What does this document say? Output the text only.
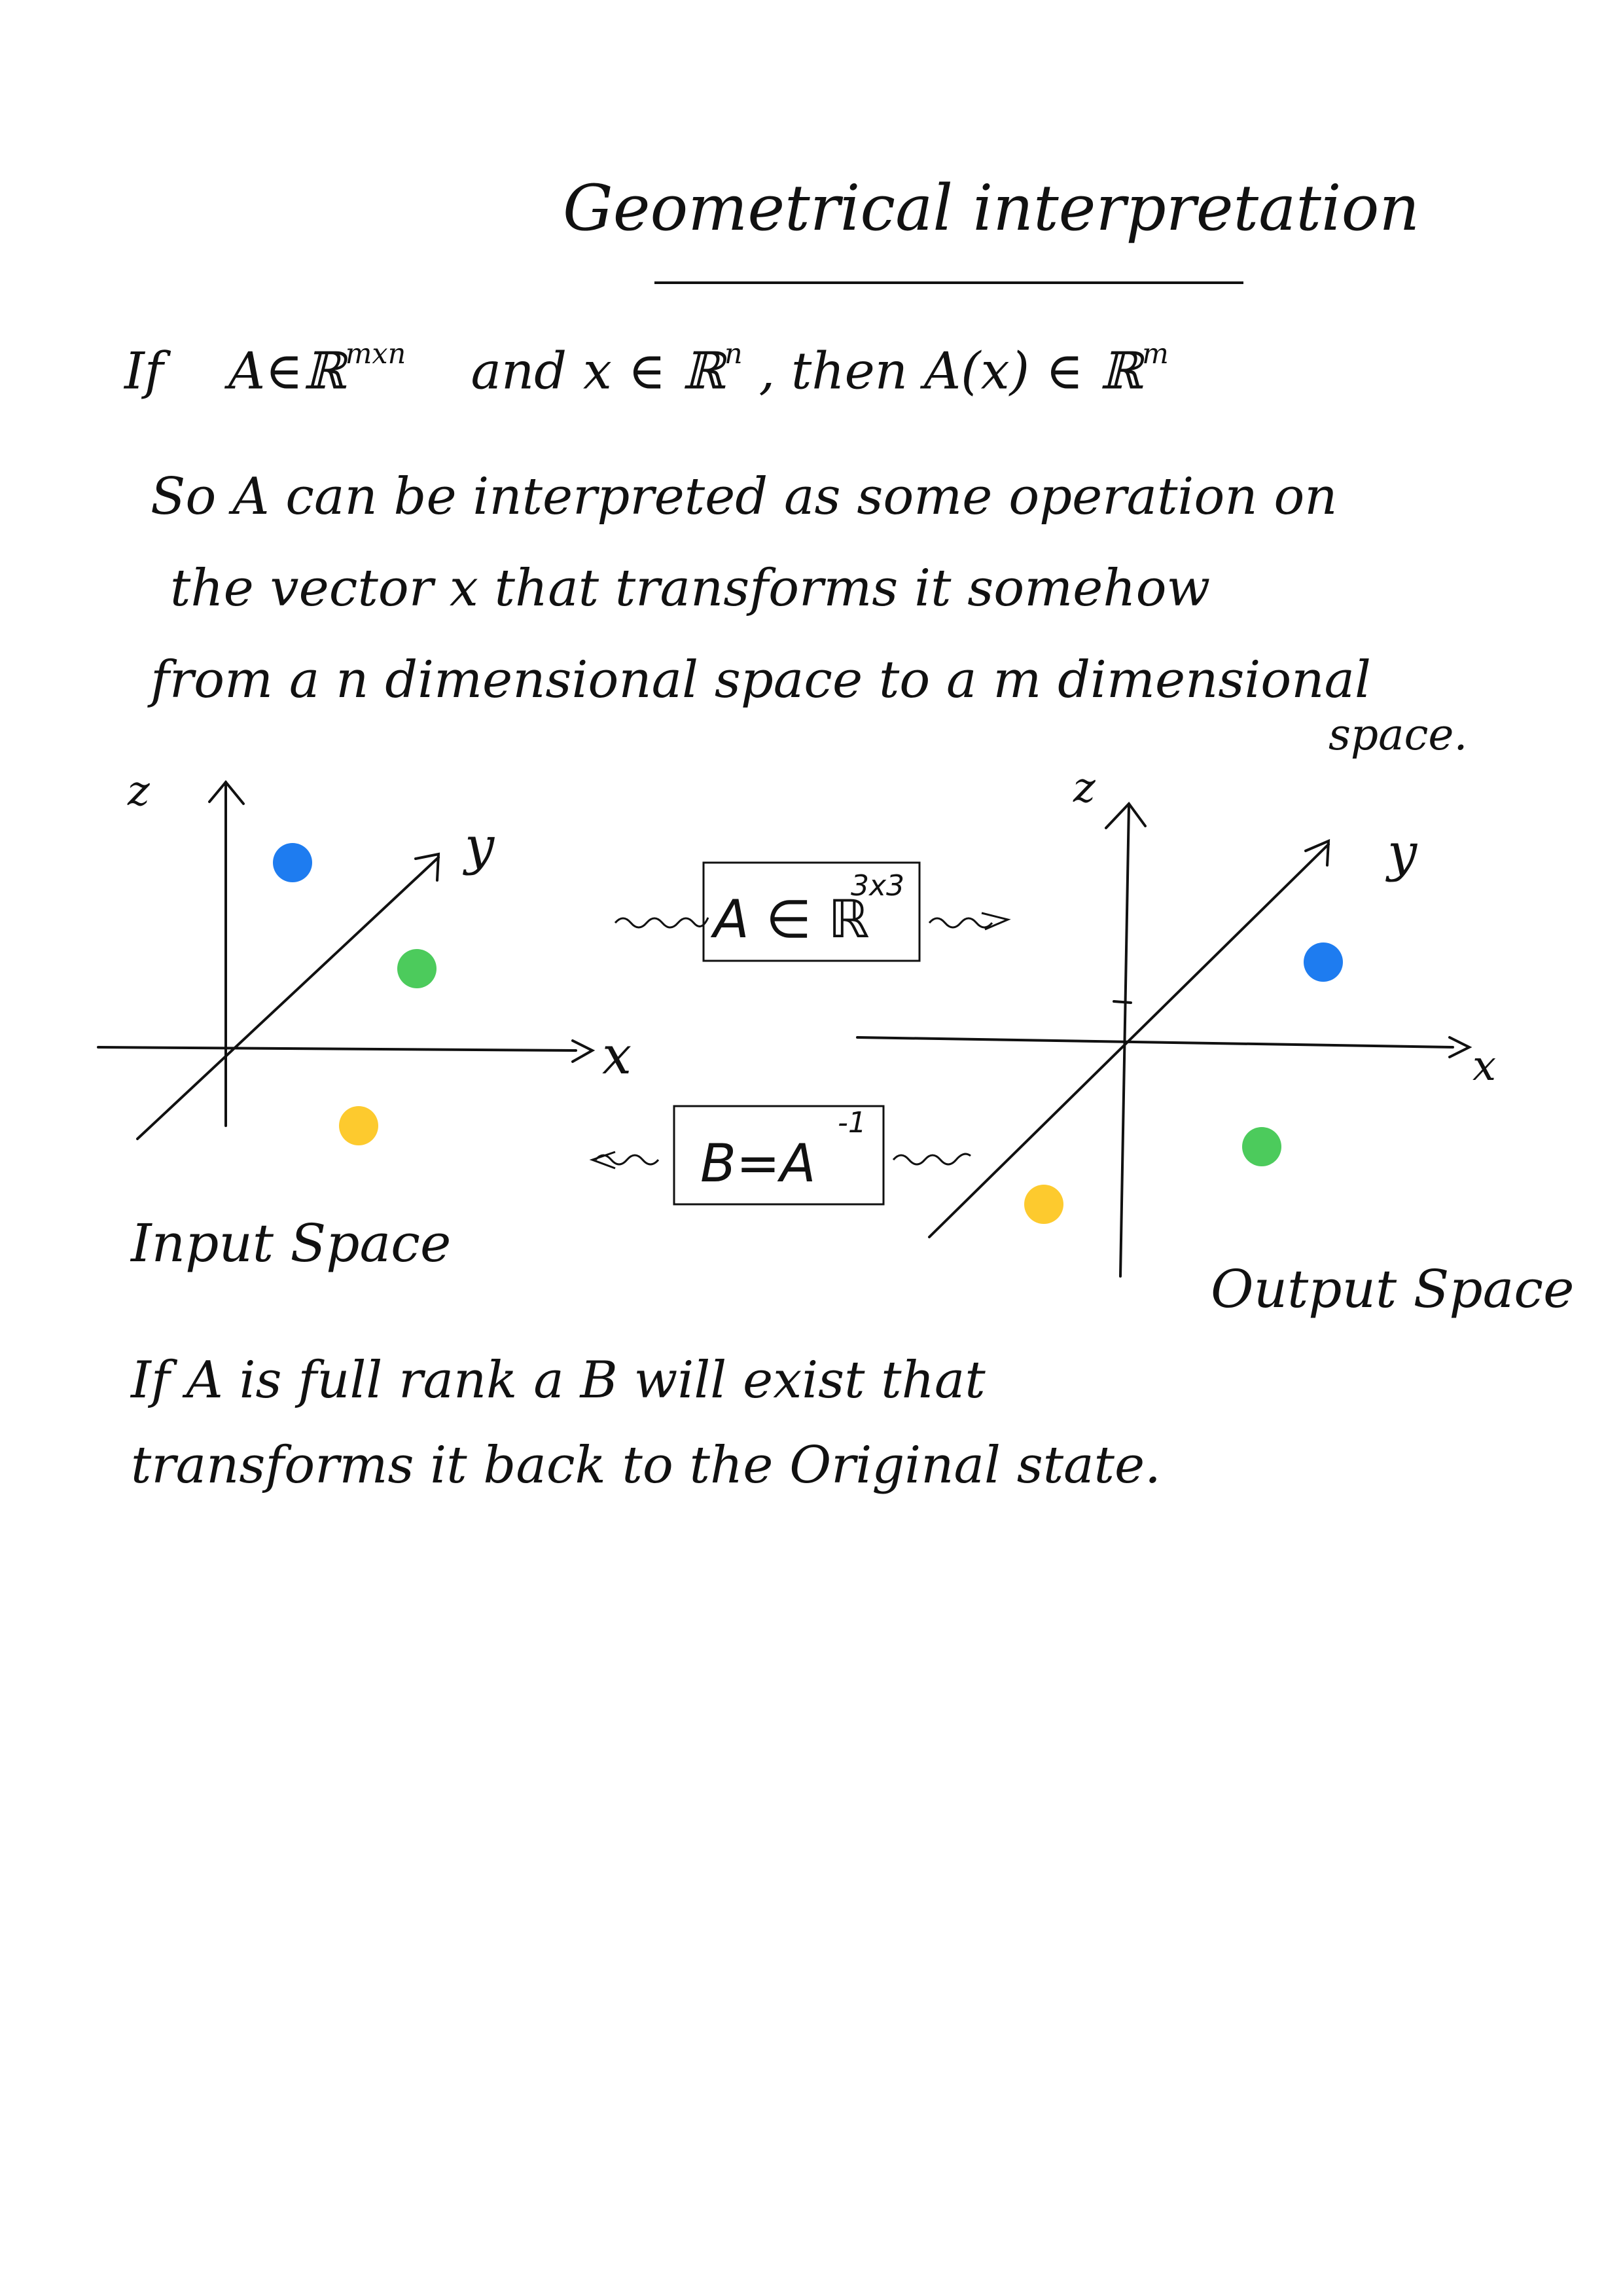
Geometrical interpretation
If A∈ℝ$^{mxn}$ and x ∈ ℝ$^n$ , then A(x) ∈ ℝ$^m$
So A can be interpreted as some operation on
the vector x that transforms it somehow
from a n dimensional space to a m dimensional
space.
z
y
x
A ∈ ℝ
3x3
B=A
-1
z
y
x
Input Space
Output Space
If A is full rank a B will exist that
transforms it back to the Original state.
